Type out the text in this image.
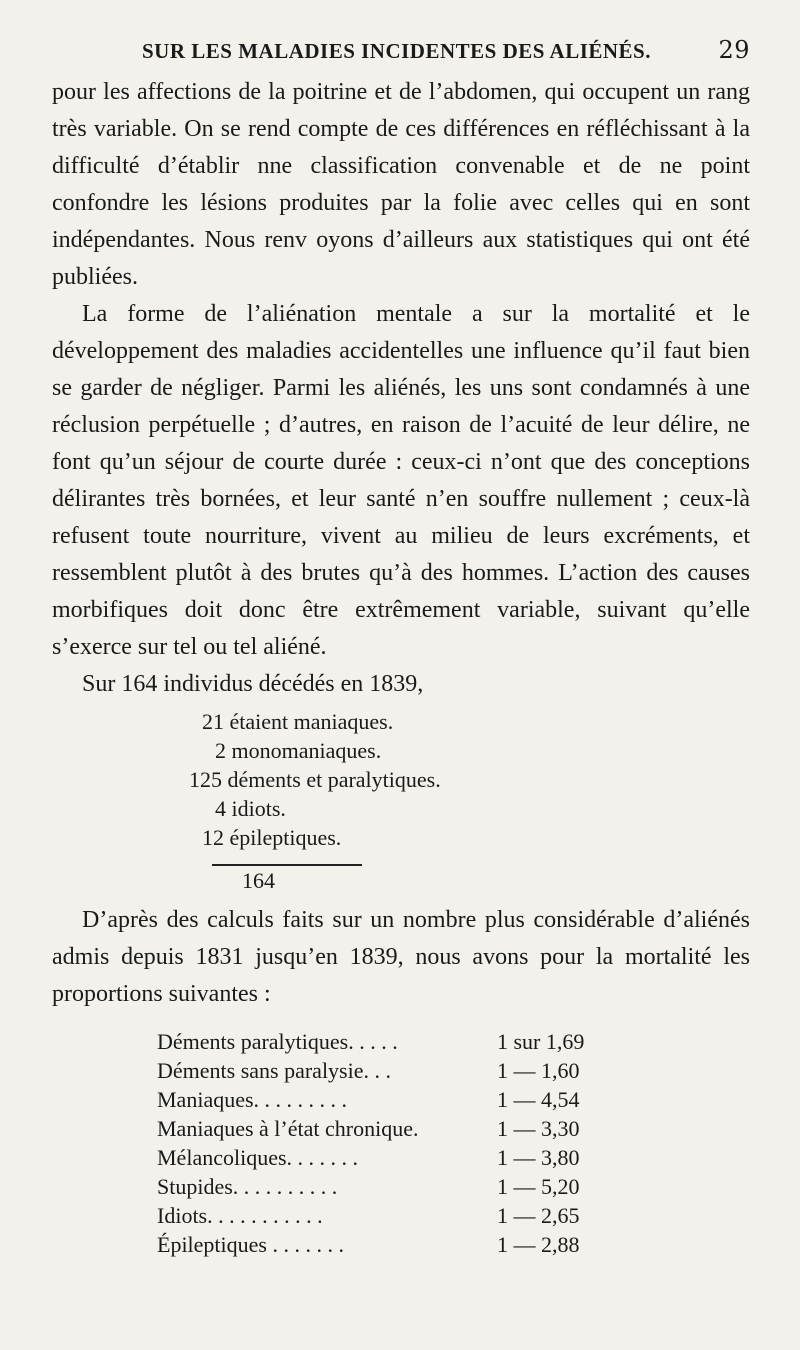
SUR LES MALADIES INCIDENTES DES ALIÉNÉS.	29

pour les affections de la poitrine et de l’abdomen, qui occupent un rang très variable. On se rend compte de ces différences en réfléchissant à la difficulté d’établir nne classification convenable et de ne point confondre les lésions produites par la folie avec celles qui en sont indépendantes. Nous renv oyons d’ailleurs aux statistiques qui ont été publiées.

La forme de l’aliénation mentale a sur la mortalité et le développement des maladies accidentelles une influence qu’il faut bien se garder de négliger. Parmi les aliénés, les uns sont condamnés à une réclusion perpétuelle ; d’autres, en raison de l’acuité de leur délire, ne font qu’un séjour de courte durée : ceux-ci n’ont que des conceptions délirantes très bornées, et leur santé n’en souffre nullement ; ceux-là refusent toute nourriture, vivent au milieu de leurs excréments, et ressemblent plutôt à des brutes qu’à des hommes. L’action des causes morbifiques doit donc être extrêmement variable, suivant qu’elle s’exerce sur tel ou tel aliéné.

Sur 164 individus décédés en 1839,

21 étaient maniaques.
2 monomaniaques.
125 déments et paralytiques.
4 idiots.
12 épileptiques.
164

D’après des calculs faits sur un nombre plus considérable d’aliénés admis depuis 1831 jusqu’en 1839, nous avons pour la mortalité les proportions suivantes :

Déments paralytiques. . . . .	1 sur 1,69
Déments sans paralysie. . .	1 — 1,60
Maniaques. . . . . . . . .	1 — 4,54
Maniaques à l’état chronique.	1 — 3,30
Mélancoliques. . . . . . .	1 — 3,80
Stupides. . . . . . . . . .	1 — 5,20
Idiots. . . . . . . . . . .	1 — 2,65
Épileptiques . . . . . . .	1 — 2,88
